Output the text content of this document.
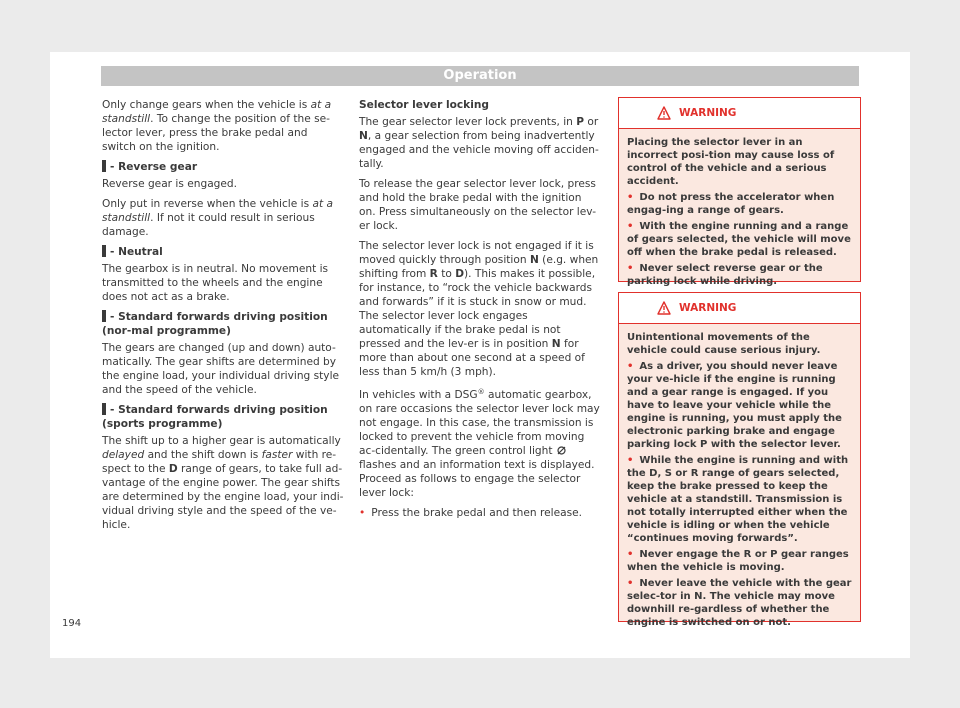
Operation

Only change gears when the vehicle is at a standstill. To change the position of the se-lector lever, press the brake pedal and switch on the ignition.

- Reverse gear

Reverse gear is engaged.

Only put in reverse when the vehicle is at a standstill. If not it could result in serious damage.

- Neutral

The gearbox is in neutral. No movement is transmitted to the wheels and the engine does not act as a brake.

- Standard forwards driving position (nor-mal programme)

The gears are changed (up and down) auto-matically. The gear shifts are determined by the engine load, your individual driving style and the speed of the vehicle.

- Standard forwards driving position (sports programme)

The shift up to a higher gear is automatically delayed and the shift down is faster with re-spect to the D range of gears, to take full ad-vantage of the engine power. The gear shifts are determined by the engine load, your indi-vidual driving style and the speed of the ve-hicle.

Selector lever locking

The gear selector lever lock prevents, in P or N, a gear selection from being inadvertently engaged and the vehicle moving off acciden-tally.

To release the gear selector lever lock, press and hold the brake pedal with the ignition on. Press simultaneously on the selector lev-er lock.

The selector lever lock is not engaged if it is moved quickly through position N (e.g. when shifting from R to D). This makes it possible, for instance, to “rock the vehicle backwards and forwards” if it is stuck in snow or mud. The selector lever lock engages automatically if the brake pedal is not pressed and the lev-er is in position N for more than about one second at a speed of less than 5 km/h (3 mph).

In vehicles with a DSG® automatic gearbox, on rare occasions the selector lever lock may not engage. In this case, the transmission is locked to prevent the vehicle from moving ac-cidentally. The green control light  flashes and an information text is displayed. Proceed as follows to engage the selector lever lock:

• Press the brake pedal and then release.

WARNING

Placing the selector lever in an incorrect posi-tion may cause loss of control of the vehicle and a serious accident.

• Do not press the accelerator when engag-ing a range of gears.

• With the engine running and a range of gears selected, the vehicle will move off when the brake pedal is released.

• Never select reverse gear or the parking lock while driving.

WARNING

Unintentional movements of the vehicle could cause serious injury.

• As a driver, you should never leave your ve-hicle if the engine is running and a gear range is engaged. If you have to leave your vehicle while the engine is running, you must apply the electronic parking brake and engage parking lock P with the selector lever.

• While the engine is running and with the D, S or R range of gears selected, keep the brake pressed to keep the vehicle at a standstill. Transmission is not totally interrupted either when the vehicle is idling or when the vehicle “continues moving forwards”.

• Never engage the R or P gear ranges when the vehicle is moving.

• Never leave the vehicle with the gear selec-tor in N. The vehicle may move downhill re-gardless of whether the engine is switched on or not.

194
